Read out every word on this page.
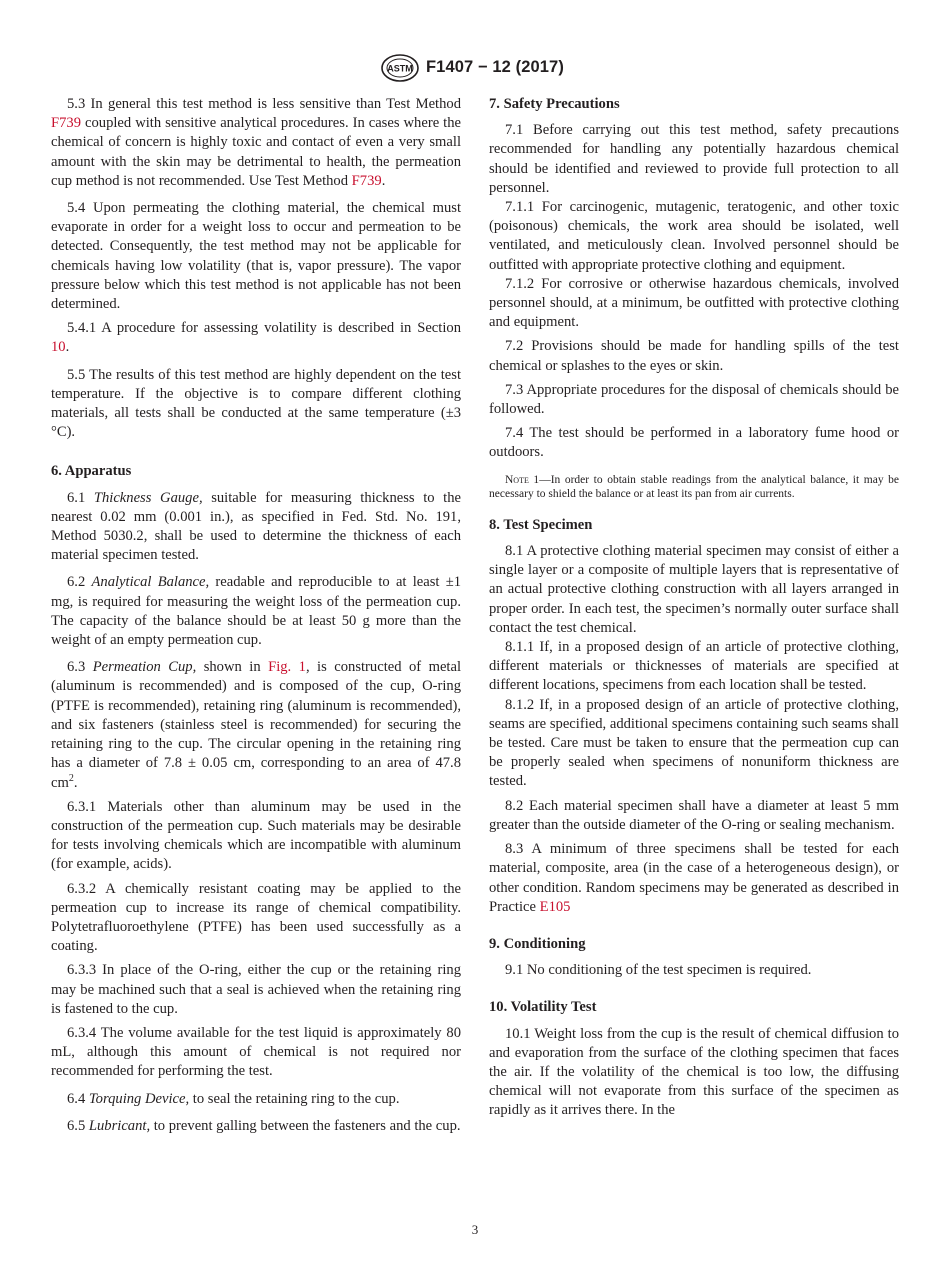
ASTM F1407 − 12 (2017)

5.3 In general this test method is less sensitive than Test Method F739 coupled with sensitive analytical procedures. In cases where the chemical of concern is highly toxic and contact of even a very small amount with the skin may be detrimental to health, the permeation cup method is not recommended. Use Test Method F739.

5.4 Upon permeating the clothing material, the chemical must evaporate in order for a weight loss to occur and permeation to be detected. Consequently, the test method may not be applicable for chemicals having low volatility (that is, vapor pressure). The vapor pressure below which this test method is not applicable has not been determined.

5.4.1 A procedure for assessing volatility is described in Section 10.

5.5 The results of this test method are highly dependent on the test temperature. If the objective is to compare different clothing materials, all tests shall be conducted at the same temperature (±3 °C).

6. Apparatus

6.1 Thickness Gauge, suitable for measuring thickness to the nearest 0.02 mm (0.001 in.), as specified in Fed. Std. No. 191, Method 5030.2, shall be used to determine the thickness of each material specimen tested.

6.2 Analytical Balance, readable and reproducible to at least ±1 mg, is required for measuring the weight loss of the permeation cup. The capacity of the balance should be at least 50 g more than the weight of an empty permeation cup.

6.3 Permeation Cup, shown in Fig. 1, is constructed of metal (aluminum is recommended) and is composed of the cup, O-ring (PTFE is recommended), retaining ring (aluminum is recommended), and six fasteners (stainless steel is recommended) for securing the retaining ring to the cup. The circular opening in the retaining ring has a diameter of 7.8 ± 0.05 cm, corresponding to an area of 47.8 $cm^2$.

6.3.1 Materials other than aluminum may be used in the construction of the permeation cup. Such materials may be desirable for tests involving chemicals which are incompatible with aluminum (for example, acids).

6.3.2 A chemically resistant coating may be applied to the permeation cup to increase its range of chemical compatibility. Polytetrafluoroethylene (PTFE) has been used successfully as a coating.

6.3.3 In place of the O-ring, either the cup or the retaining ring may be machined such that a seal is achieved when the retaining ring is fastened to the cup.

6.3.4 The volume available for the test liquid is approximately 80 mL, although this amount of chemical is not required nor recommended for performing the test.

6.4 Torquing Device, to seal the retaining ring to the cup.

6.5 Lubricant, to prevent galling between the fasteners and the cup.

7. Safety Precautions

7.1 Before carrying out this test method, safety precautions recommended for handling any potentially hazardous chemical should be identified and reviewed to provide full protection to all personnel.

7.1.1 For carcinogenic, mutagenic, teratogenic, and other toxic (poisonous) chemicals, the work area should be isolated, well ventilated, and meticulously clean. Involved personnel should be outfitted with appropriate protective clothing and equipment.

7.1.2 For corrosive or otherwise hazardous chemicals, involved personnel should, at a minimum, be outfitted with protective clothing and equipment.

7.2 Provisions should be made for handling spills of the test chemical or splashes to the eyes or skin.

7.3 Appropriate procedures for the disposal of chemicals should be followed.

7.4 The test should be performed in a laboratory fume hood or outdoors.

Note 1—In order to obtain stable readings from the analytical balance, it may be necessary to shield the balance or at least its pan from air currents.

8. Test Specimen

8.1 A protective clothing material specimen may consist of either a single layer or a composite of multiple layers that is representative of an actual protective clothing construction with all layers arranged in proper order. In each test, the specimen’s normally outer surface shall contact the test chemical.

8.1.1 If, in a proposed design of an article of protective clothing, different materials or thicknesses of materials are specified at different locations, specimens from each location shall be tested.

8.1.2 If, in a proposed design of an article of protective clothing, seams are specified, additional specimens containing such seams shall be tested. Care must be taken to ensure that the permeation cup can be properly sealed when specimens of nonuniform thickness are tested.

8.2 Each material specimen shall have a diameter at least 5 mm greater than the outside diameter of the O-ring or sealing mechanism.

8.3 A minimum of three specimens shall be tested for each material, composite, area (in the case of a heterogeneous design), or other condition. Random specimens may be generated as described in Practice E105

9. Conditioning

9.1 No conditioning of the test specimen is required.

10. Volatility Test

10.1 Weight loss from the cup is the result of chemical diffusion to and evaporation from the surface of the clothing specimen that faces the air. If the volatility of the chemical is too low, the diffusing chemical will not evaporate from this surface of the specimen as rapidly as it arrives there. In the

3
